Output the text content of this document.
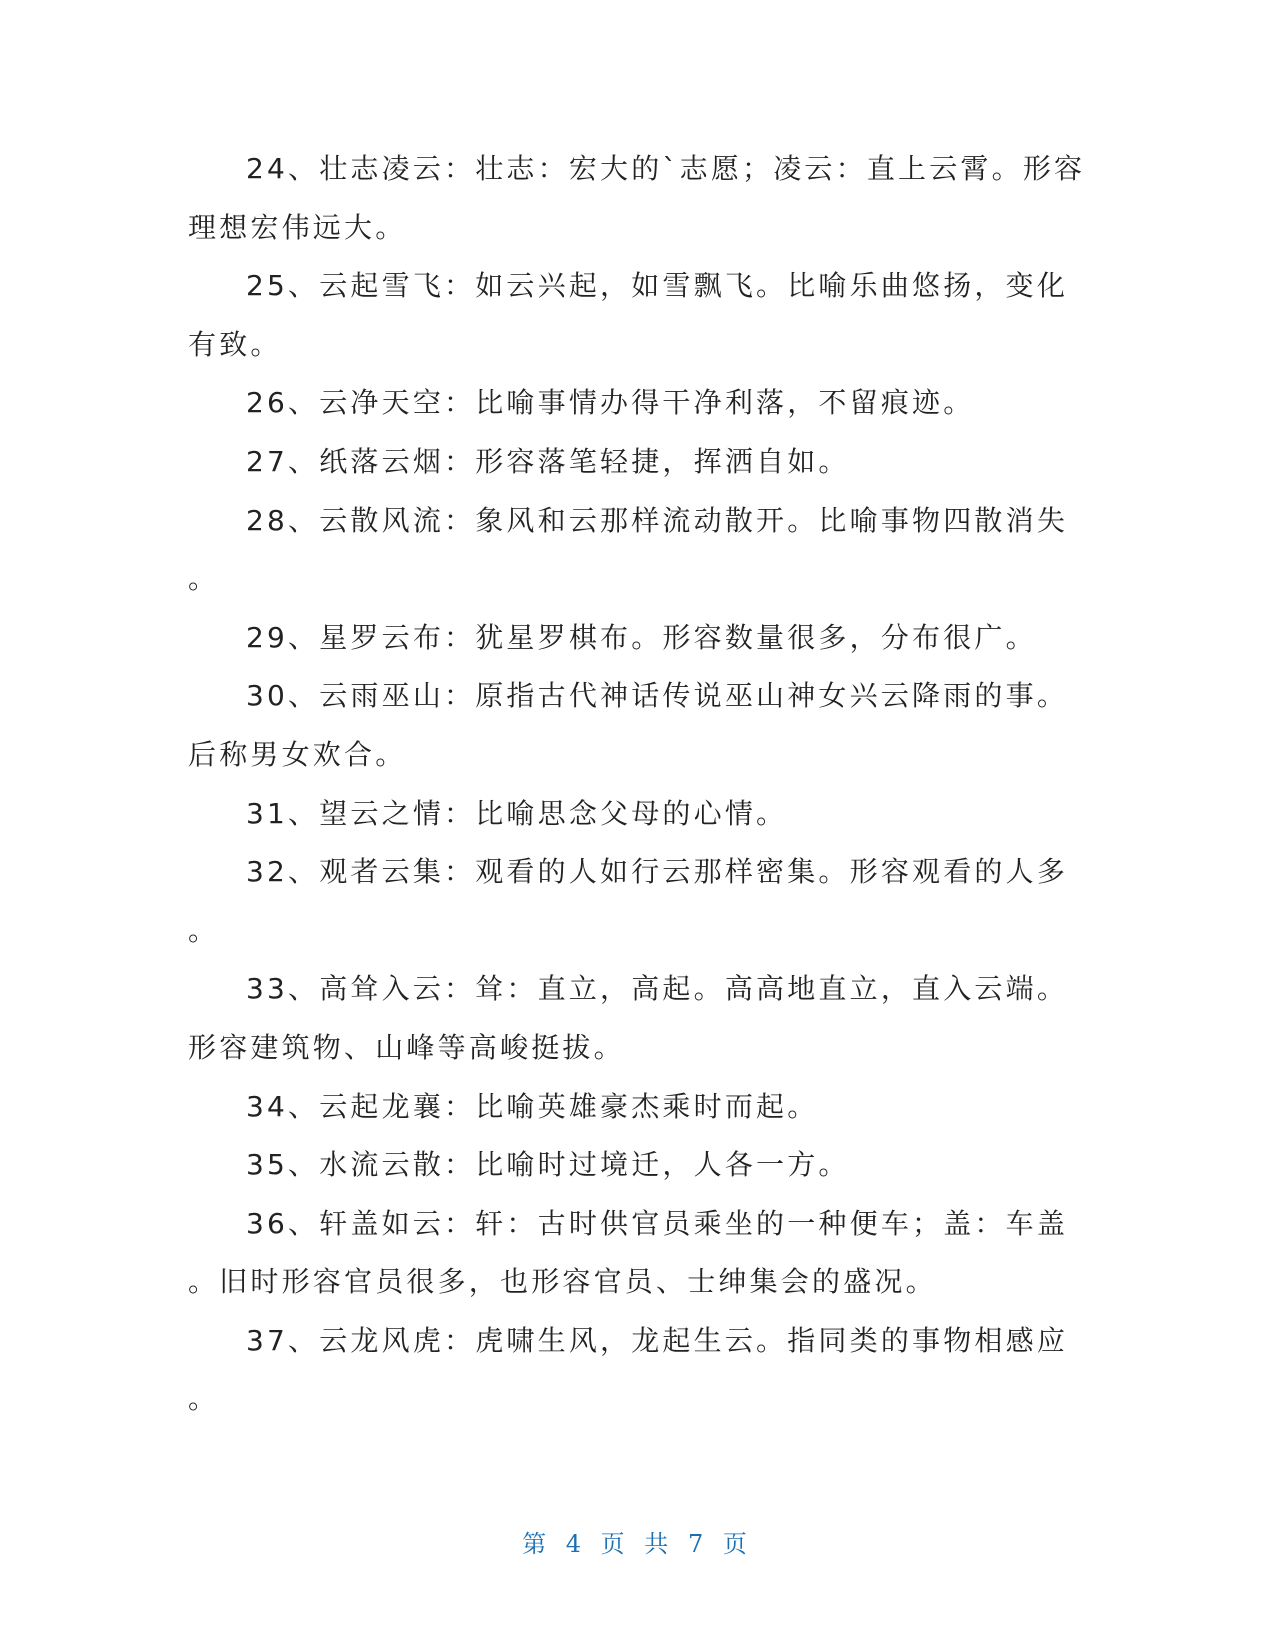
24、壮志凌云：壮志：宏大的`志愿；凌云：直上云霄。形容
理想宏伟远大。
25、云起雪飞：如云兴起，如雪飘飞。比喻乐曲悠扬，变化
有致。
26、云净天空：比喻事情办得干净利落，不留痕迹。
27、纸落云烟：形容落笔轻捷，挥洒自如。
28、云散风流：象风和云那样流动散开。比喻事物四散消失
。
29、星罗云布：犹星罗棋布。形容数量很多，分布很广。
30、云雨巫山：原指古代神话传说巫山神女兴云降雨的事。
后称男女欢合。
31、望云之情：比喻思念父母的心情。
32、观者云集：观看的人如行云那样密集。形容观看的人多
。
33、高耸入云：耸：直立，高起。高高地直立，直入云端。
形容建筑物、山峰等高峻挺拔。
34、云起龙襄：比喻英雄豪杰乘时而起。
35、水流云散：比喻时过境迁，人各一方。
36、轩盖如云：轩：古时供官员乘坐的一种便车；盖：车盖
。旧时形容官员很多，也形容官员、士绅集会的盛况。
37、云龙风虎：虎啸生风，龙起生云。指同类的事物相感应
。
第 4 页 共 7 页
